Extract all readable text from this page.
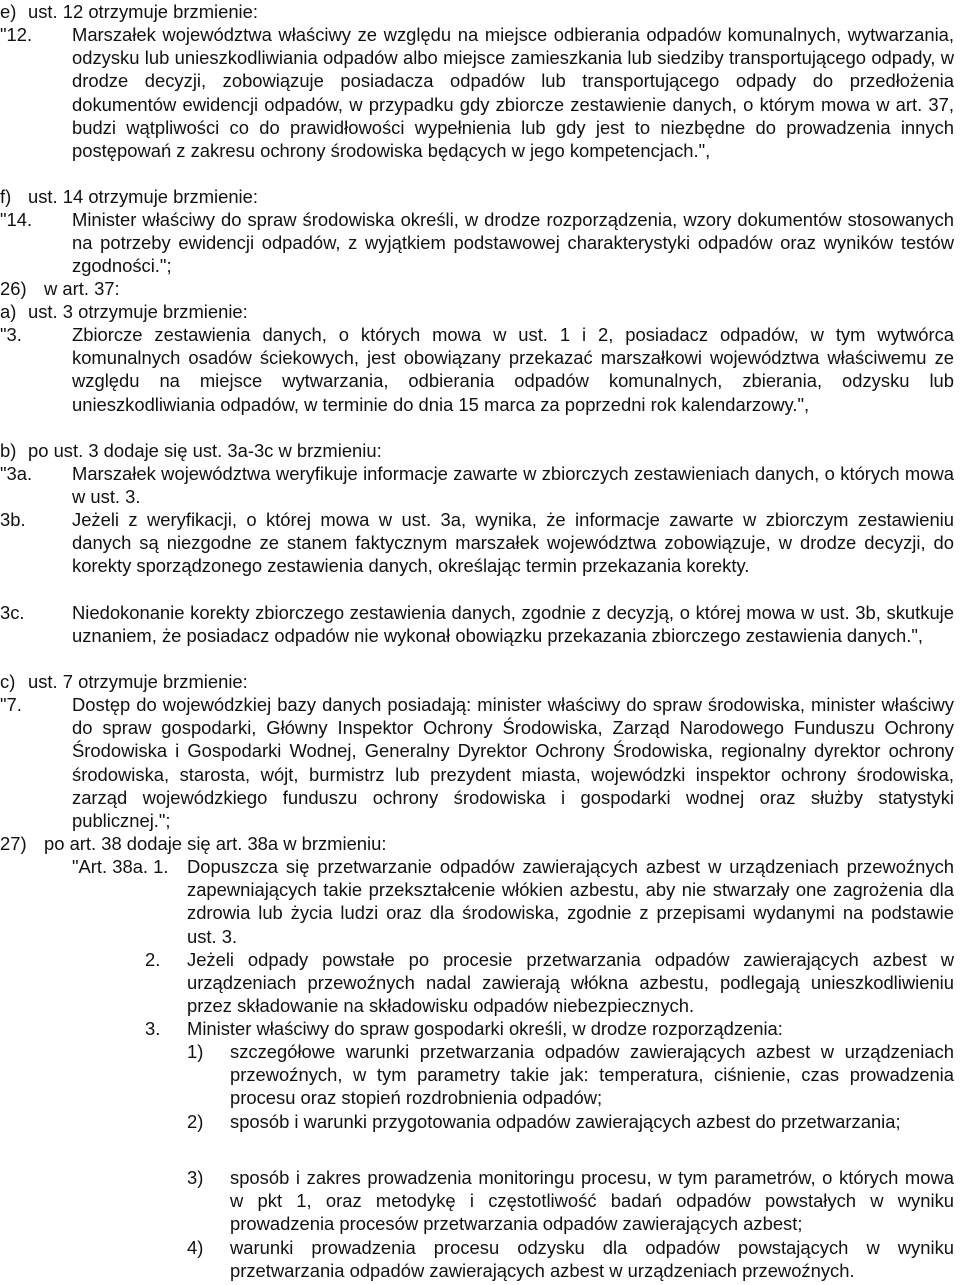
e) ust. 12 otrzymuje brzmienie:
"12. Marszałek województwa właściwy ze względu na miejsce odbierania odpadów komunalnych, wytwarzania, odzysku lub unieszkodliwiania odpadów albo miejsce zamieszkania lub siedziby transportującego odpady, w drodze decyzji, zobowiązuje posiadacza odpadów lub transportującego odpady do przedłożenia dokumentów ewidencji odpadów, w przypadku gdy zbiorcze zestawienie danych, o którym mowa w art. 37, budzi wątpliwości co do prawidłowości wypełnienia lub gdy jest to niezbędne do prowadzenia innych postępowań z zakresu ochrony środowiska będących w jego kompetencjach.",
f) ust. 14 otrzymuje brzmienie:
"14. Minister właściwy do spraw środowiska określi, w drodze rozporządzenia, wzory dokumentów stosowanych na potrzeby ewidencji odpadów, z wyjątkiem podstawowej charakterystyki odpadów oraz wyników testów zgodności.";
26) w art. 37:
a) ust. 3 otrzymuje brzmienie:
"3.	Zbiorcze zestawienia danych, o których mowa w ust. 1 i 2, posiadacz odpadów, w tym wytwórca komunalnych osadów ściekowych, jest obowiązany przekazać marszałkowi województwa właściwemu ze względu na miejsce wytwarzania, odbierania odpadów komunalnych, zbierania, odzysku lub unieszkodliwiania odpadów, w terminie do dnia 15 marca za poprzedni rok kalendarzowy.",
b) po ust. 3 dodaje się ust. 3a-3c w brzmieniu:
"3a. Marszałek województwa weryfikuje informacje zawarte w zbiorczych zestawieniach danych, o których mowa w ust. 3.
3b.	Jeżeli z weryfikacji, o której mowa w ust. 3a, wynika, że informacje zawarte w zbiorczym zestawieniu danych są niezgodne ze stanem faktycznym marszałek województwa zobowiązuje, w drodze decyzji, do korekty sporządzonego zestawienia danych, określając termin przekazania korekty.
3c.	Niedokonanie korekty zbiorczego zestawienia danych, zgodnie z decyzją, o której mowa w ust. 3b, skutkuje uznaniem, że posiadacz odpadów nie wykonał obowiązku przekazania zbiorczego zestawienia danych.",
c) ust. 7 otrzymuje brzmienie:
"7.	Dostęp do wojewódzkiej bazy danych posiadają: minister właściwy do spraw środowiska, minister właściwy do spraw gospodarki, Główny Inspektor Ochrony Środowiska, Zarząd Narodowego Funduszu Ochrony Środowiska i Gospodarki Wodnej, Generalny Dyrektor Ochrony Środowiska, regionalny dyrektor ochrony środowiska, starosta, wójt, burmistrz lub prezydent miasta, wojewódzki inspektor ochrony środowiska, zarząd wojewódzkiego funduszu ochrony środowiska i gospodarki wodnej oraz służby statystyki publicznej.";
27) po art. 38 dodaje się art. 38a w brzmieniu:
"Art. 38a. 1. Dopuszcza się przetwarzanie odpadów zawierających azbest w urządzeniach przewoźnych zapewniających takie przekształcenie włókien azbestu, aby nie stwarzały one zagrożenia dla zdrowia lub życia ludzi oraz dla środowiska, zgodnie z przepisami wydanymi na podstawie ust. 3.
2. Jeżeli odpady powstałe po procesie przetwarzania odpadów zawierających azbest w urządzeniach przewoźnych nadal zawierają włókna azbestu, podlegają unieszkodliwieniu przez składowanie na składowisku odpadów niebezpiecznych.
3. Minister właściwy do spraw gospodarki określi, w drodze rozporządzenia:
1) szczegółowe warunki przetwarzania odpadów zawierających azbest w urządzeniach przewoźnych, w tym parametry takie jak: temperatura, ciśnienie, czas prowadzenia procesu oraz stopień rozdrobnienia odpadów;
2) sposób i warunki przygotowania odpadów zawierających azbest do przetwarzania;
3) sposób i zakres prowadzenia monitoringu procesu, w tym parametrów, o których mowa w pkt 1, oraz metodykę i częstotliwość badań odpadów powstałych w wyniku prowadzenia procesów przetwarzania odpadów zawierających azbest;
4) warunki prowadzenia procesu odzysku dla odpadów powstających w wyniku przetwarzania odpadów zawierających azbest w urządzeniach przewoźnych.
